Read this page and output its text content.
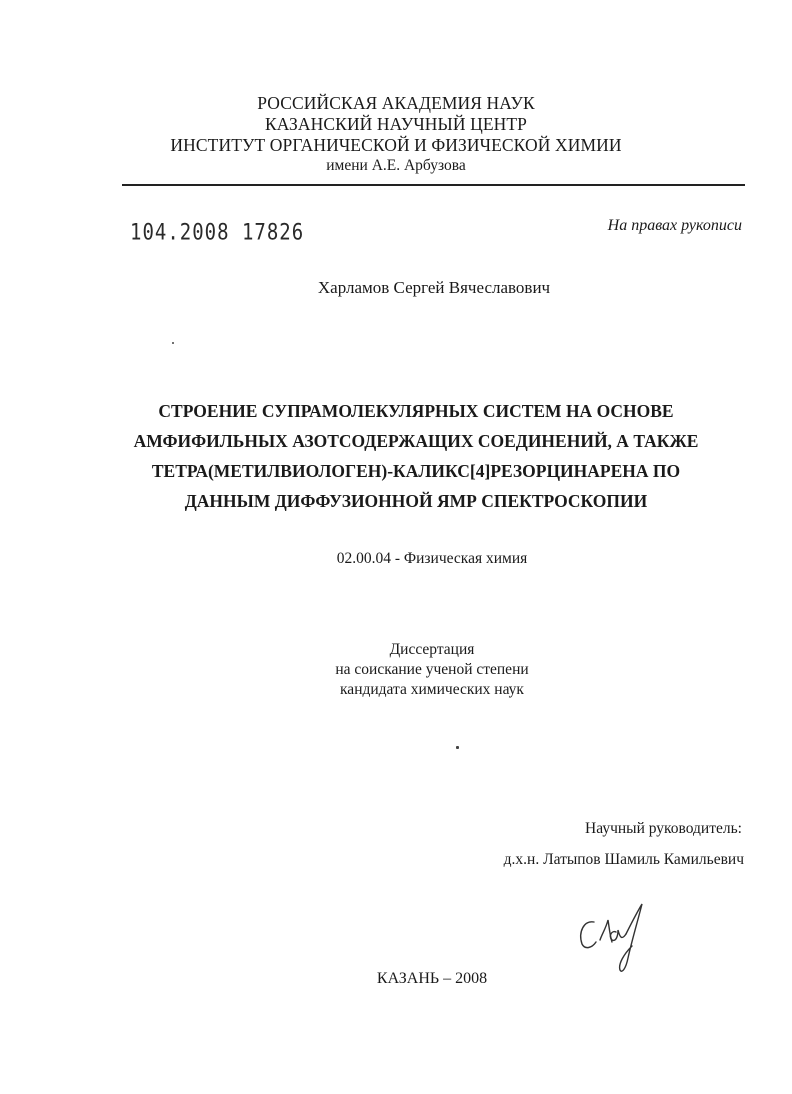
РОССИЙСКАЯ АКАДЕМИЯ НАУК
КАЗАНСКИЙ НАУЧНЫЙ ЦЕНТР
ИНСТИТУТ ОРГАНИЧЕСКОЙ И ФИЗИЧЕСКОЙ ХИМИИ
имени А.Е. Арбузова
104.2008 17826	На правах рукописи
Харламов Сергей Вячеславович
СТРОЕНИЕ СУПРАМОЛЕКУЛЯРНЫХ СИСТЕМ НА ОСНОВЕ
АМФИФИЛЬНЫХ АЗОТСОДЕРЖАЩИХ СОЕДИНЕНИЙ, А ТАКЖЕ
ТЕТРА(МЕТИЛВИОЛОГЕН)-КАЛИКС[4]РЕЗОРЦИНАРЕНА ПО
ДАННЫМ ДИФФУЗИОННОЙ ЯМР СПЕКТРОСКОПИИ
02.00.04 - Физическая химия
Диссертация
на соискание ученой степени
кандидата химических наук
Научный руководитель:
д.х.н. Латыпов Шамиль Камильевич
КАЗАНЬ – 2008
